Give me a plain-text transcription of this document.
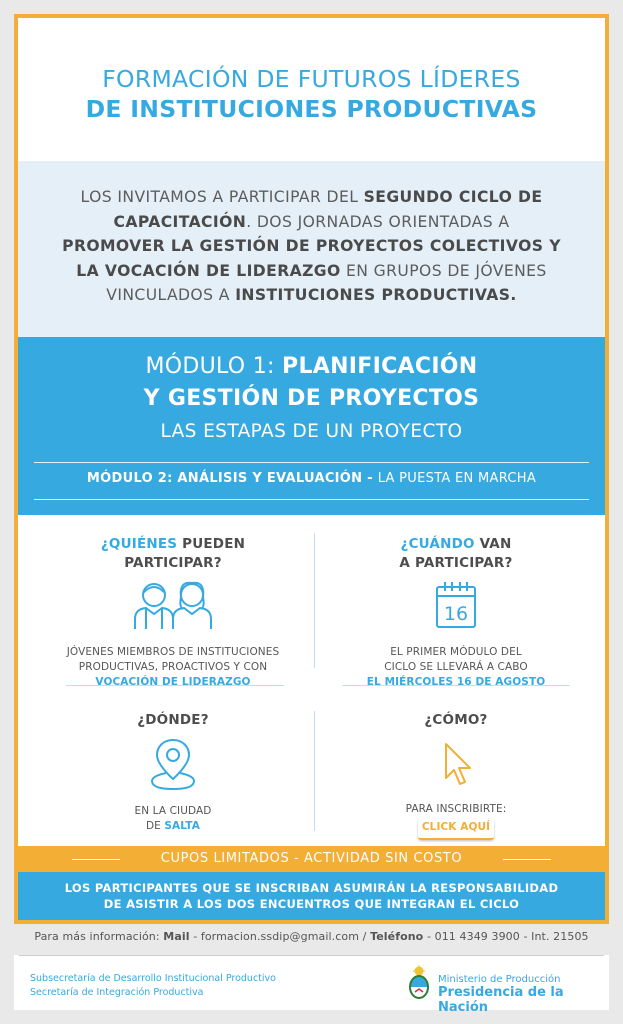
FORMACIÓN DE FUTUROS LÍDERES
DE INSTITUCIONES PRODUCTIVAS
LOS INVITAMOS A PARTICIPAR DEL SEGUNDO CICLO DE CAPACITACIÓN. DOS JORNADAS ORIENTADAS A PROMOVER LA GESTIÓN DE PROYECTOS COLECTIVOS Y LA VOCACIÓN DE LIDERAZGO EN GRUPOS DE JÓVENES VINCULADOS A INSTITUCIONES PRODUCTIVAS.
MÓDULO 1: PLANIFICACIÓN
Y GESTIÓN DE PROYECTOS
LAS ESTAPAS DE UN PROYECTO
MÓDULO 2: ANÁLISIS Y EVALUACIÓN - LA PUESTA EN MARCHA
¿QUIÉNES PUEDEN
PARTICIPAR?
JÓVENES MIEMBROS DE INSTITUCIONES
PRODUCTIVAS, PROACTIVOS Y CON
VOCACIÓN DE LIDERAZGO
¿CUÁNDO VAN
A PARTICIPAR?
16
EL PRIMER MÓDULO DEL
CICLO SE LLEVARÁ A CABO
EL MIÉRCOLES 16 DE AGOSTO
¿DÓNDE?
EN LA CIUDAD
DE SALTA
¿CÓMO?
PARA INSCRIBIRTE:
CLICK AQUÍ
CUPOS LIMITADOS - ACTIVIDAD SIN COSTO
LOS PARTICIPANTES QUE SE INSCRIBAN ASUMIRÁN LA RESPONSABILIDAD
DE ASISTIR A LOS DOS ENCUENTROS QUE INTEGRAN EL CICLO
Para más información: Mail - formacion.ssdip@gmail.com / Teléfono - 011 4349 3900 - Int. 21505
Subsecretaría de Desarrollo Institucional Productivo
Secretaría de Integración Productiva
Ministerio de Producción
Presidencia de la Nación
